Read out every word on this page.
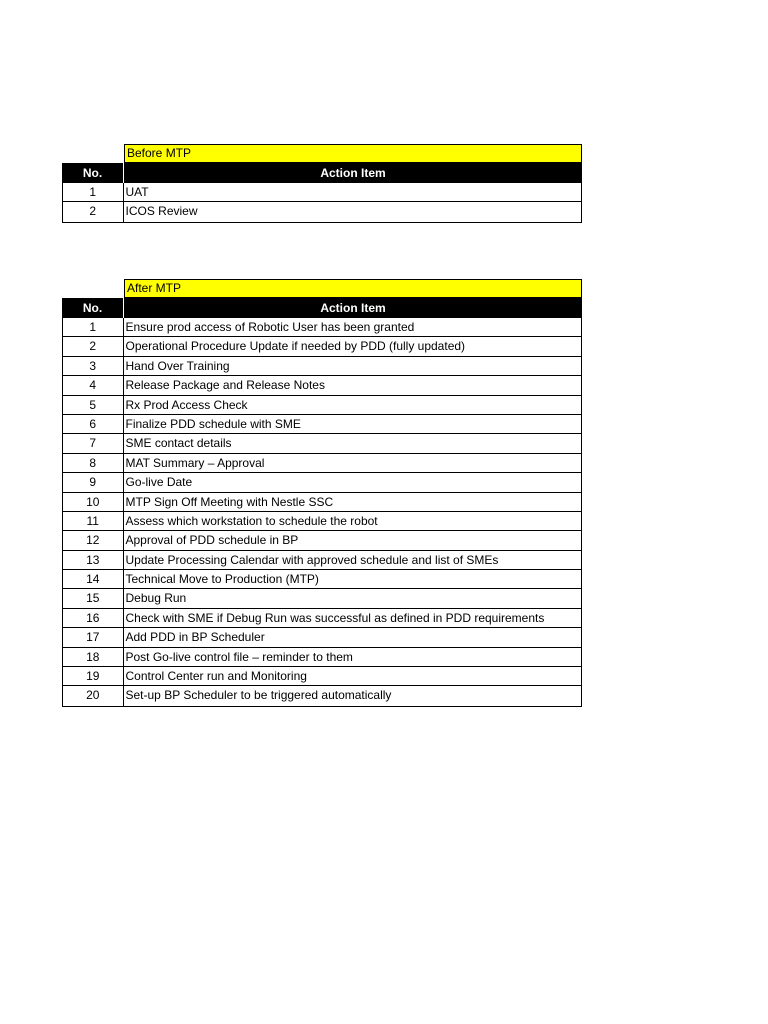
Before MTP
No.	Action Item
1	UAT
2	ICOS Review
After MTP
No.	Action Item
1	Ensure prod access of Robotic User has been granted
2	Operational Procedure Update if needed by PDD (fully updated)
3	Hand Over Training
4	Release Package and Release Notes
5	Rx Prod Access Check
6	Finalize PDD schedule with SME
7	SME contact details
8	MAT Summary – Approval
9	Go-live Date
10	MTP Sign Off Meeting with Nestle SSC
11	Assess which workstation to schedule the robot
12	Approval of PDD schedule in BP
13	Update Processing Calendar with approved schedule and list of SMEs
14	Technical Move to Production (MTP)
15	Debug Run
16	Check with SME if Debug Run was successful as defined in PDD requirements
17	Add PDD in BP Scheduler
18	Post Go-live control file – reminder to them
19	Control Center run and Monitoring
20	Set-up BP Scheduler to be triggered automatically
